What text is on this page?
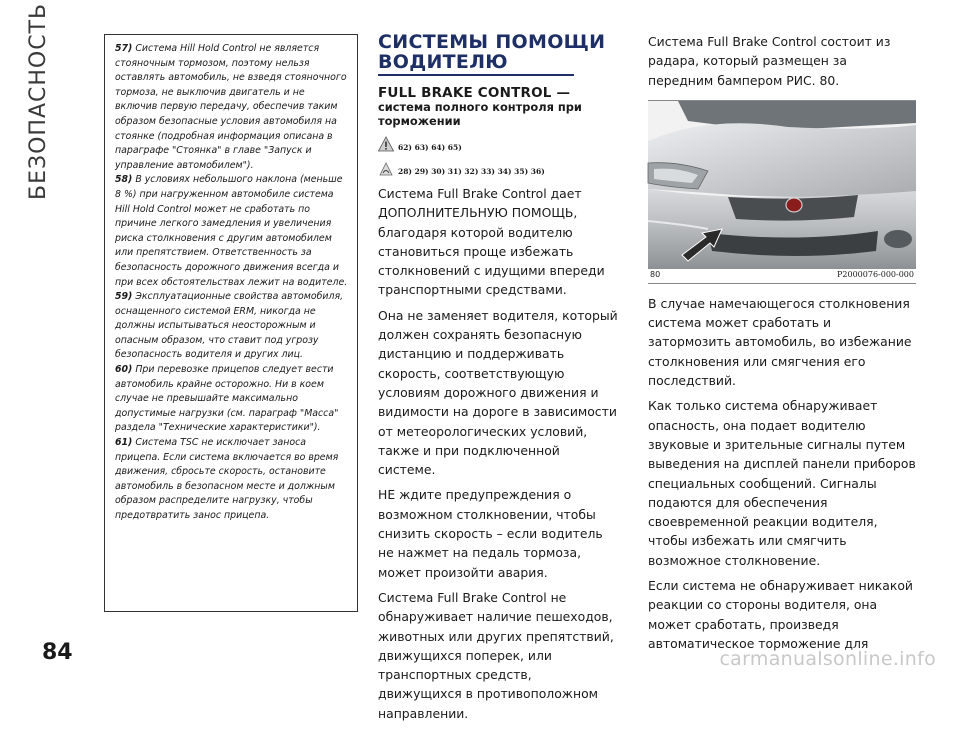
БЕЗОПАСНОСТЬ
84

57) Система Hill Hold Control не является стояночным тормозом, поэтому нельзя оставлять автомобиль, не взведя стояночного тормоза, не выключив двигатель и не включив первую передачу, обеспечив таким образом безопасные условия автомобиля на стоянке (подробная информация описана в параграфе "Стоянка" в главе "Запуск и управление автомобилем").

58) В условиях небольшого наклона (меньше 8 %) при нагруженном автомобиле система Hill Hold Control может не сработать по причине легкого замедления и увеличения риска столкновения с другим автомобилем или препятствием. Ответственность за безопасность дорожного движения всегда и при всех обстоятельствах лежит на водителе.

59) Эксплуатационные свойства автомобиля, оснащенного системой ERM, никогда не должны испытываться неосторожным и опасным образом, что ставит под угрозу безопасность водителя и других лиц.

60) При перевозке прицепов следует вести автомобиль крайне осторожно. Ни в коем случае не превышайте максимально допустимые нагрузки (см. параграф "Масса" раздела "Технические характеристики").

61) Система TSC не исключает заноса прицепа. Если система включается во время движения, сбросьте скорость, остановите автомобиль в безопасном месте и должным образом распределите нагрузку, чтобы предотвратить занос прицепа.

СИСТЕМЫ ПОМОЩИ ВОДИТЕЛЮ
FULL BRAKE CONTROL —
система полного контроля при торможении
62) 63) 64) 65)
28) 29) 30) 31) 32) 33) 34) 35) 36)

Система Full Brake Control дает ДОПОЛНИТЕЛЬНУЮ ПОМОЩЬ, благодаря которой водителю становиться проще избежать столкновений с идущими впереди транспортными средствами.

Она не заменяет водителя, который должен сохранять безопасную дистанцию и поддерживать скорость, соответствующую условиям дорожного движения и видимости на дороге в зависимости от метеорологических условий, также и при подключенной системе.

НЕ ждите предупреждения о возможном столкновении, чтобы снизить скорость – если водитель не нажмет на педаль тормоза, может произойти авария.

Система Full Brake Control не обнаруживает наличие пешеходов, животных или других препятствий, движущихся поперек, или транспортных средств, движущихся в противоположном направлении.

Система Full Brake Control состоит из радара, который размещен за передним бампером РИС. 80.

80	P2000076-000-000

В случае намечающегося столкновения система может сработать и затормозить автомобиль, во избежание столкновения или смягчения его последствий.

Как только система обнаруживает опасность, она подает водителю звуковые и зрительные сигналы путем выведения на дисплей панели приборов специальных сообщений. Сигналы подаются для обеспечения своевременной реакции водителя, чтобы избежать или смягчить возможное столкновение.

Если система не обнаруживает никакой реакции со стороны водителя, она может сработать, произведя автоматическое торможение для

carmanualsonline.info
